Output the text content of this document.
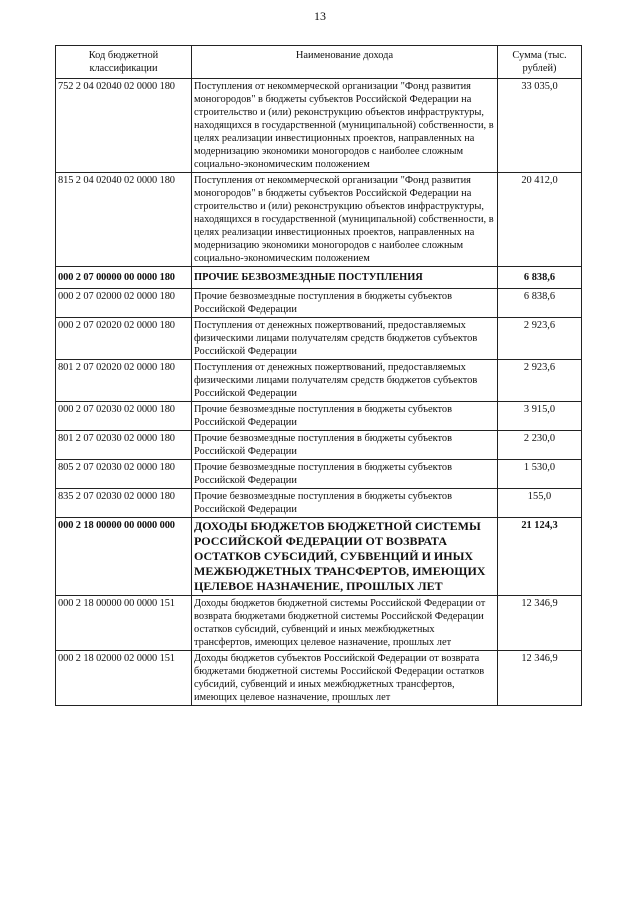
13
Код бюджетной классификации	Наименование дохода	Сумма (тыс. рублей)
752 2 04 02040 02 0000 180	Поступления от некоммерческой организации "Фонд развития моногородов" в бюджеты субъектов Российской Федерации на строительство и (или) реконструкцию объектов инфраструктуры, находящихся в государственной (муниципальной) собственности, в целях реализации инвестиционных проектов, направленных на модернизацию экономики моногородов с наиболее сложным социально-экономическим положением	33 035,0
815 2 04 02040 02 0000 180	Поступления от некоммерческой организации "Фонд развития моногородов" в бюджеты субъектов Российской Федерации на строительство и (или) реконструкцию объектов инфраструктуры, находящихся в государственной (муниципальной) собственности, в целях реализации инвестиционных проектов, направленных на модернизацию экономики моногородов с наиболее сложным социально-экономическим положением	20 412,0
000 2 07 00000 00 0000 180	ПРОЧИЕ БЕЗВОЗМЕЗДНЫЕ ПОСТУПЛЕНИЯ	6 838,6
000 2 07 02000 02 0000 180	Прочие безвозмездные поступления в бюджеты субъектов Российской Федерации	6 838,6
000 2 07 02020 02 0000 180	Поступления от денежных пожертвований, предоставляемых физическими лицами получателям средств бюджетов субъектов Российской Федерации	2 923,6
801 2 07 02020 02 0000 180	Поступления от денежных пожертвований, предоставляемых физическими лицами получателям средств бюджетов субъектов Российской Федерации	2 923,6
000 2 07 02030 02 0000 180	Прочие безвозмездные поступления в бюджеты субъектов Российской Федерации	3 915,0
801 2 07 02030 02 0000 180	Прочие безвозмездные поступления в бюджеты субъектов Российской Федерации	2 230,0
805 2 07 02030 02 0000 180	Прочие безвозмездные поступления в бюджеты субъектов Российской Федерации	1 530,0
835 2 07 02030 02 0000 180	Прочие безвозмездные поступления в бюджеты субъектов Российской Федерации	155,0
000 2 18 00000 00 0000 000	ДОХОДЫ БЮДЖЕТОВ БЮДЖЕТНОЙ СИСТЕМЫ РОССИЙСКОЙ ФЕДЕРАЦИИ ОТ ВОЗВРАТА ОСТАТКОВ СУБСИДИЙ, СУБВЕНЦИЙ И ИНЫХ МЕЖБЮДЖЕТНЫХ ТРАНСФЕРТОВ, ИМЕЮЩИХ ЦЕЛЕВОЕ НАЗНАЧЕНИЕ, ПРОШЛЫХ ЛЕТ	21 124,3
000 2 18 00000 00 0000 151	Доходы бюджетов бюджетной системы Российской Федерации от возврата бюджетами бюджетной системы Российской Федерации остатков субсидий, субвенций и иных межбюджетных трансфертов, имеющих целевое назначение, прошлых лет	12 346,9
000 2 18 02000 02 0000 151	Доходы бюджетов субъектов Российской Федерации от возврата бюджетами бюджетной системы Российской Федерации остатков субсидий, субвенций и иных межбюджетных трансфертов, имеющих целевое назначение, прошлых лет	12 346,9
